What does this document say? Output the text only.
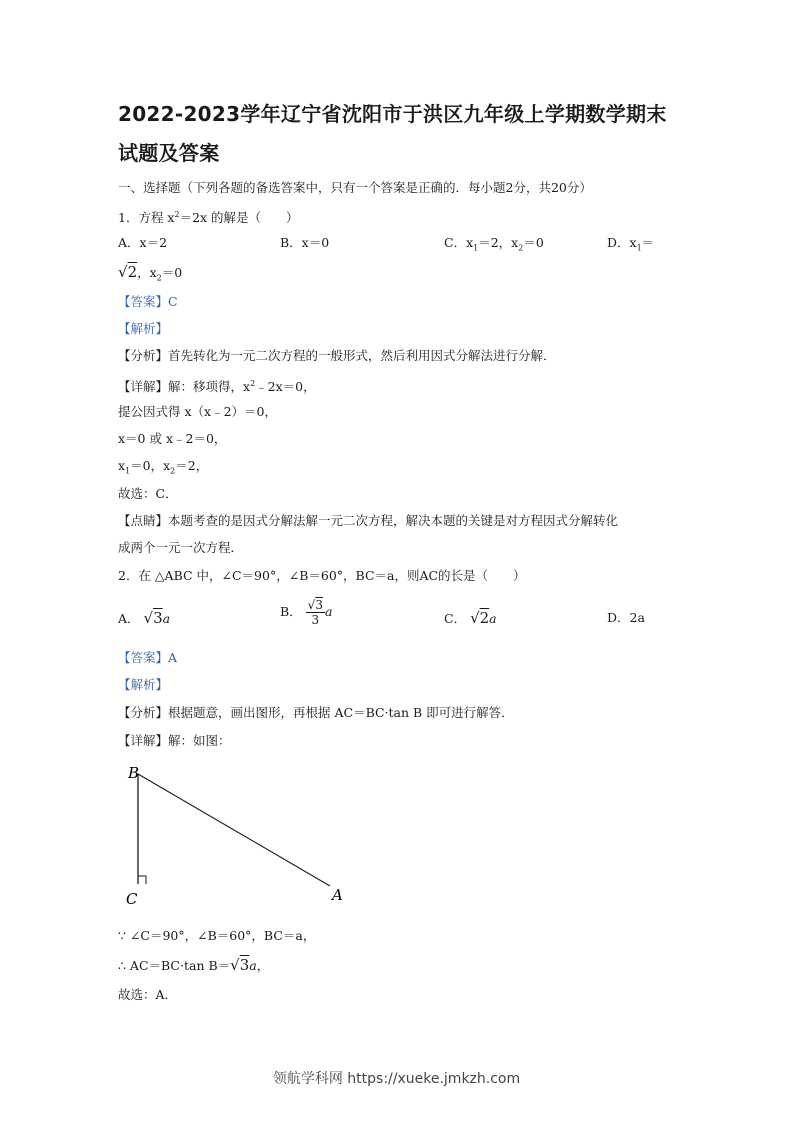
2022-2023学年辽宁省沈阳市于洪区九年级上学期数学期末
试题及答案
一、选择题（下列各题的备选答案中，只有一个答案是正确的．每小题2分，共20分）
1．方程 $x^2=2x$ 的解是（　　）
A．x＝2	B．x＝0	C．$x_1=2$，$x_2=0$	D．$x_1=$
√2，$x_2=0$
【答案】C
【解析】
【分析】首先转化为一元二次方程的一般形式，然后利用因式分解法进行分解．
【详解】解：移项得，$x^2﹣2x=0$，
提公因式得 x（x﹣2）＝0，
x＝0 或 x﹣2＝0，
$x_1=0$，$x_2=2$，
故选：C．
【点睛】本题考查的是因式分解法解一元二次方程，解决本题的关键是对方程因式分解转化
成两个一元一次方程．
2．在 △ABC 中，∠C＝90°，∠B＝60°，BC＝a，则AC的长是（　　）
A． √3a	B． $\frac{√3}{3}$ a	C． √2a	D．2a
【答案】A
【解析】
【分析】根据题意，画出图形，再根据 AC＝BC·tan B 即可进行解答．
【详解】解：如图：
B
C	A
∵ ∠C＝90°，∠B＝60°，BC＝a，
∴ AC＝BC·tan B＝√3a，
故选：A．
领航学科网 https://xueke.jmkzh.com
